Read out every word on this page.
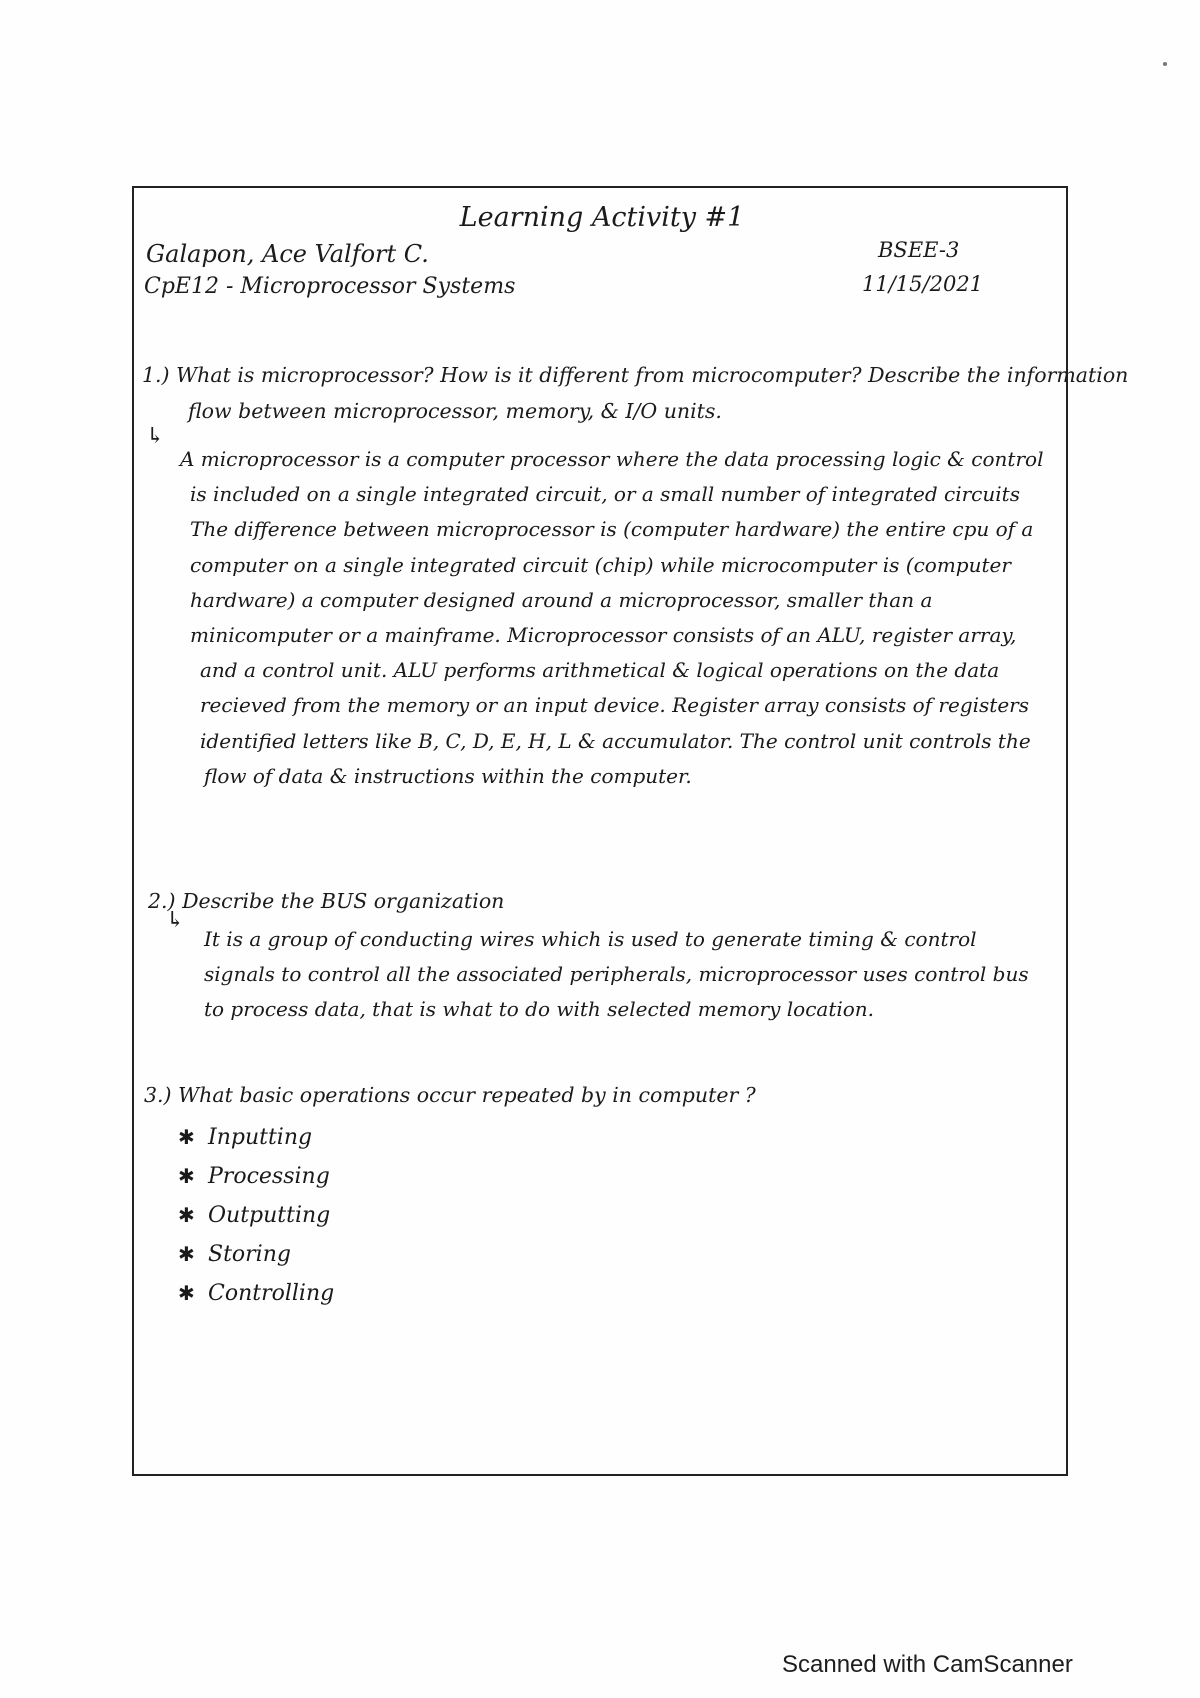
Learning Activity #1
Galapon, Ace Valfort C.
CpE12 - Microprocessor Systems
BSEE-3
11/15/2021
1.) What is microprocessor? How is it different from microcomputer? Describe the information
flow between microprocessor, memory, & I/O units.
↳
A microprocessor is a computer processor where the data processing logic & control
is included on a single integrated circuit, or a small number of integrated circuits
The difference between microprocessor is (computer hardware) the entire cpu of a
computer on a single integrated circuit (chip) while microcomputer is (computer
hardware) a computer designed around a microprocessor, smaller than a
minicomputer or a mainframe. Microprocessor consists of an ALU, register array,
and a control unit. ALU performs arithmetical & logical operations on the data
recieved from the memory or an input device. Register array consists of registers
identified letters like B, C, D, E, H, L & accumulator. The control unit controls the
flow of data & instructions within the computer.
2.) Describe the BUS organization
↳
It is a group of conducting wires which is used to generate timing & control
signals to control all the associated peripherals, microprocessor uses control bus
to process data, that is what to do with selected memory location.
3.) What basic operations occur repeated by in computer ?
✱ Inputting
✱ Processing
✱ Outputting
✱ Storing
✱ Controlling
Scanned with CamScanner
